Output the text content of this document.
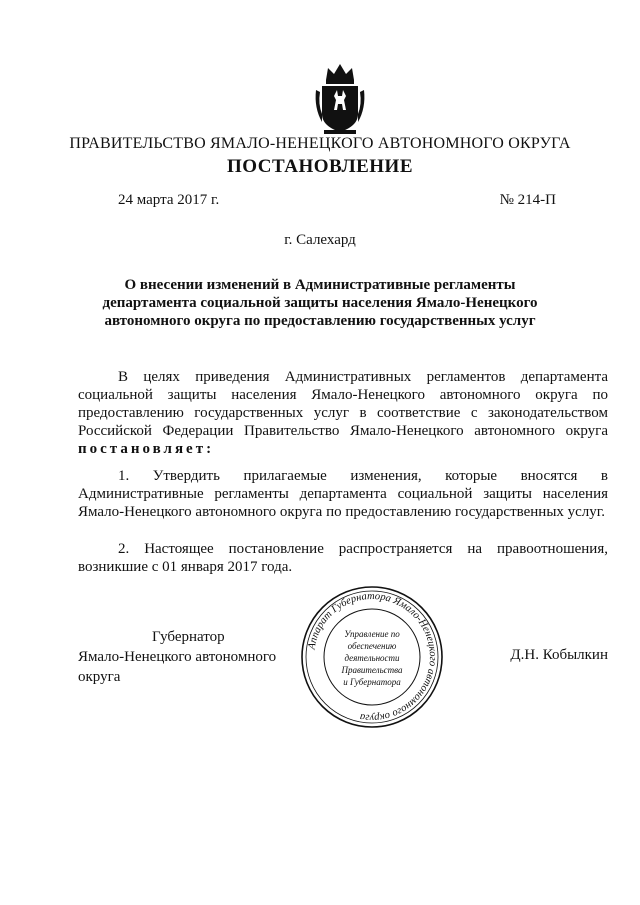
ПРАВИТЕЛЬСТВО ЯМАЛО-НЕНЕЦКОГО АВТОНОМНОГО ОКРУГА
ПОСТАНОВЛЕНИЕ
24 марта 2017 г.	№ 214-П
г. Салехард
О внесении изменений в Административные регламенты
департамента социальной защиты населения Ямало-Ненецкого
автономного округа по предоставлению государственных услуг
В целях приведения Административных регламентов департамента социальной защиты населения Ямало-Ненецкого автономного округа по предоставлению государственных услуг в соответствие с законодательством Российской Федерации Правительство Ямало-Ненецкого автономного округа постановляет:
1. Утвердить прилагаемые изменения, которые вносятся в Административные регламенты департамента социальной защиты населения Ямало-Ненецкого автономного округа по предоставлению государственных услуг.
2. Настоящее постановление распространяется на правоотношения, возникшие с 01 января 2017 года.
Губернатор
Ямало-Ненецкого автономного округа
Д.Н. Кобылкин
Аппарат Губернатора Ямало-Ненецкого автономного округа
Управление по
обеспечению
деятельности
Правительства
и Губернатора
